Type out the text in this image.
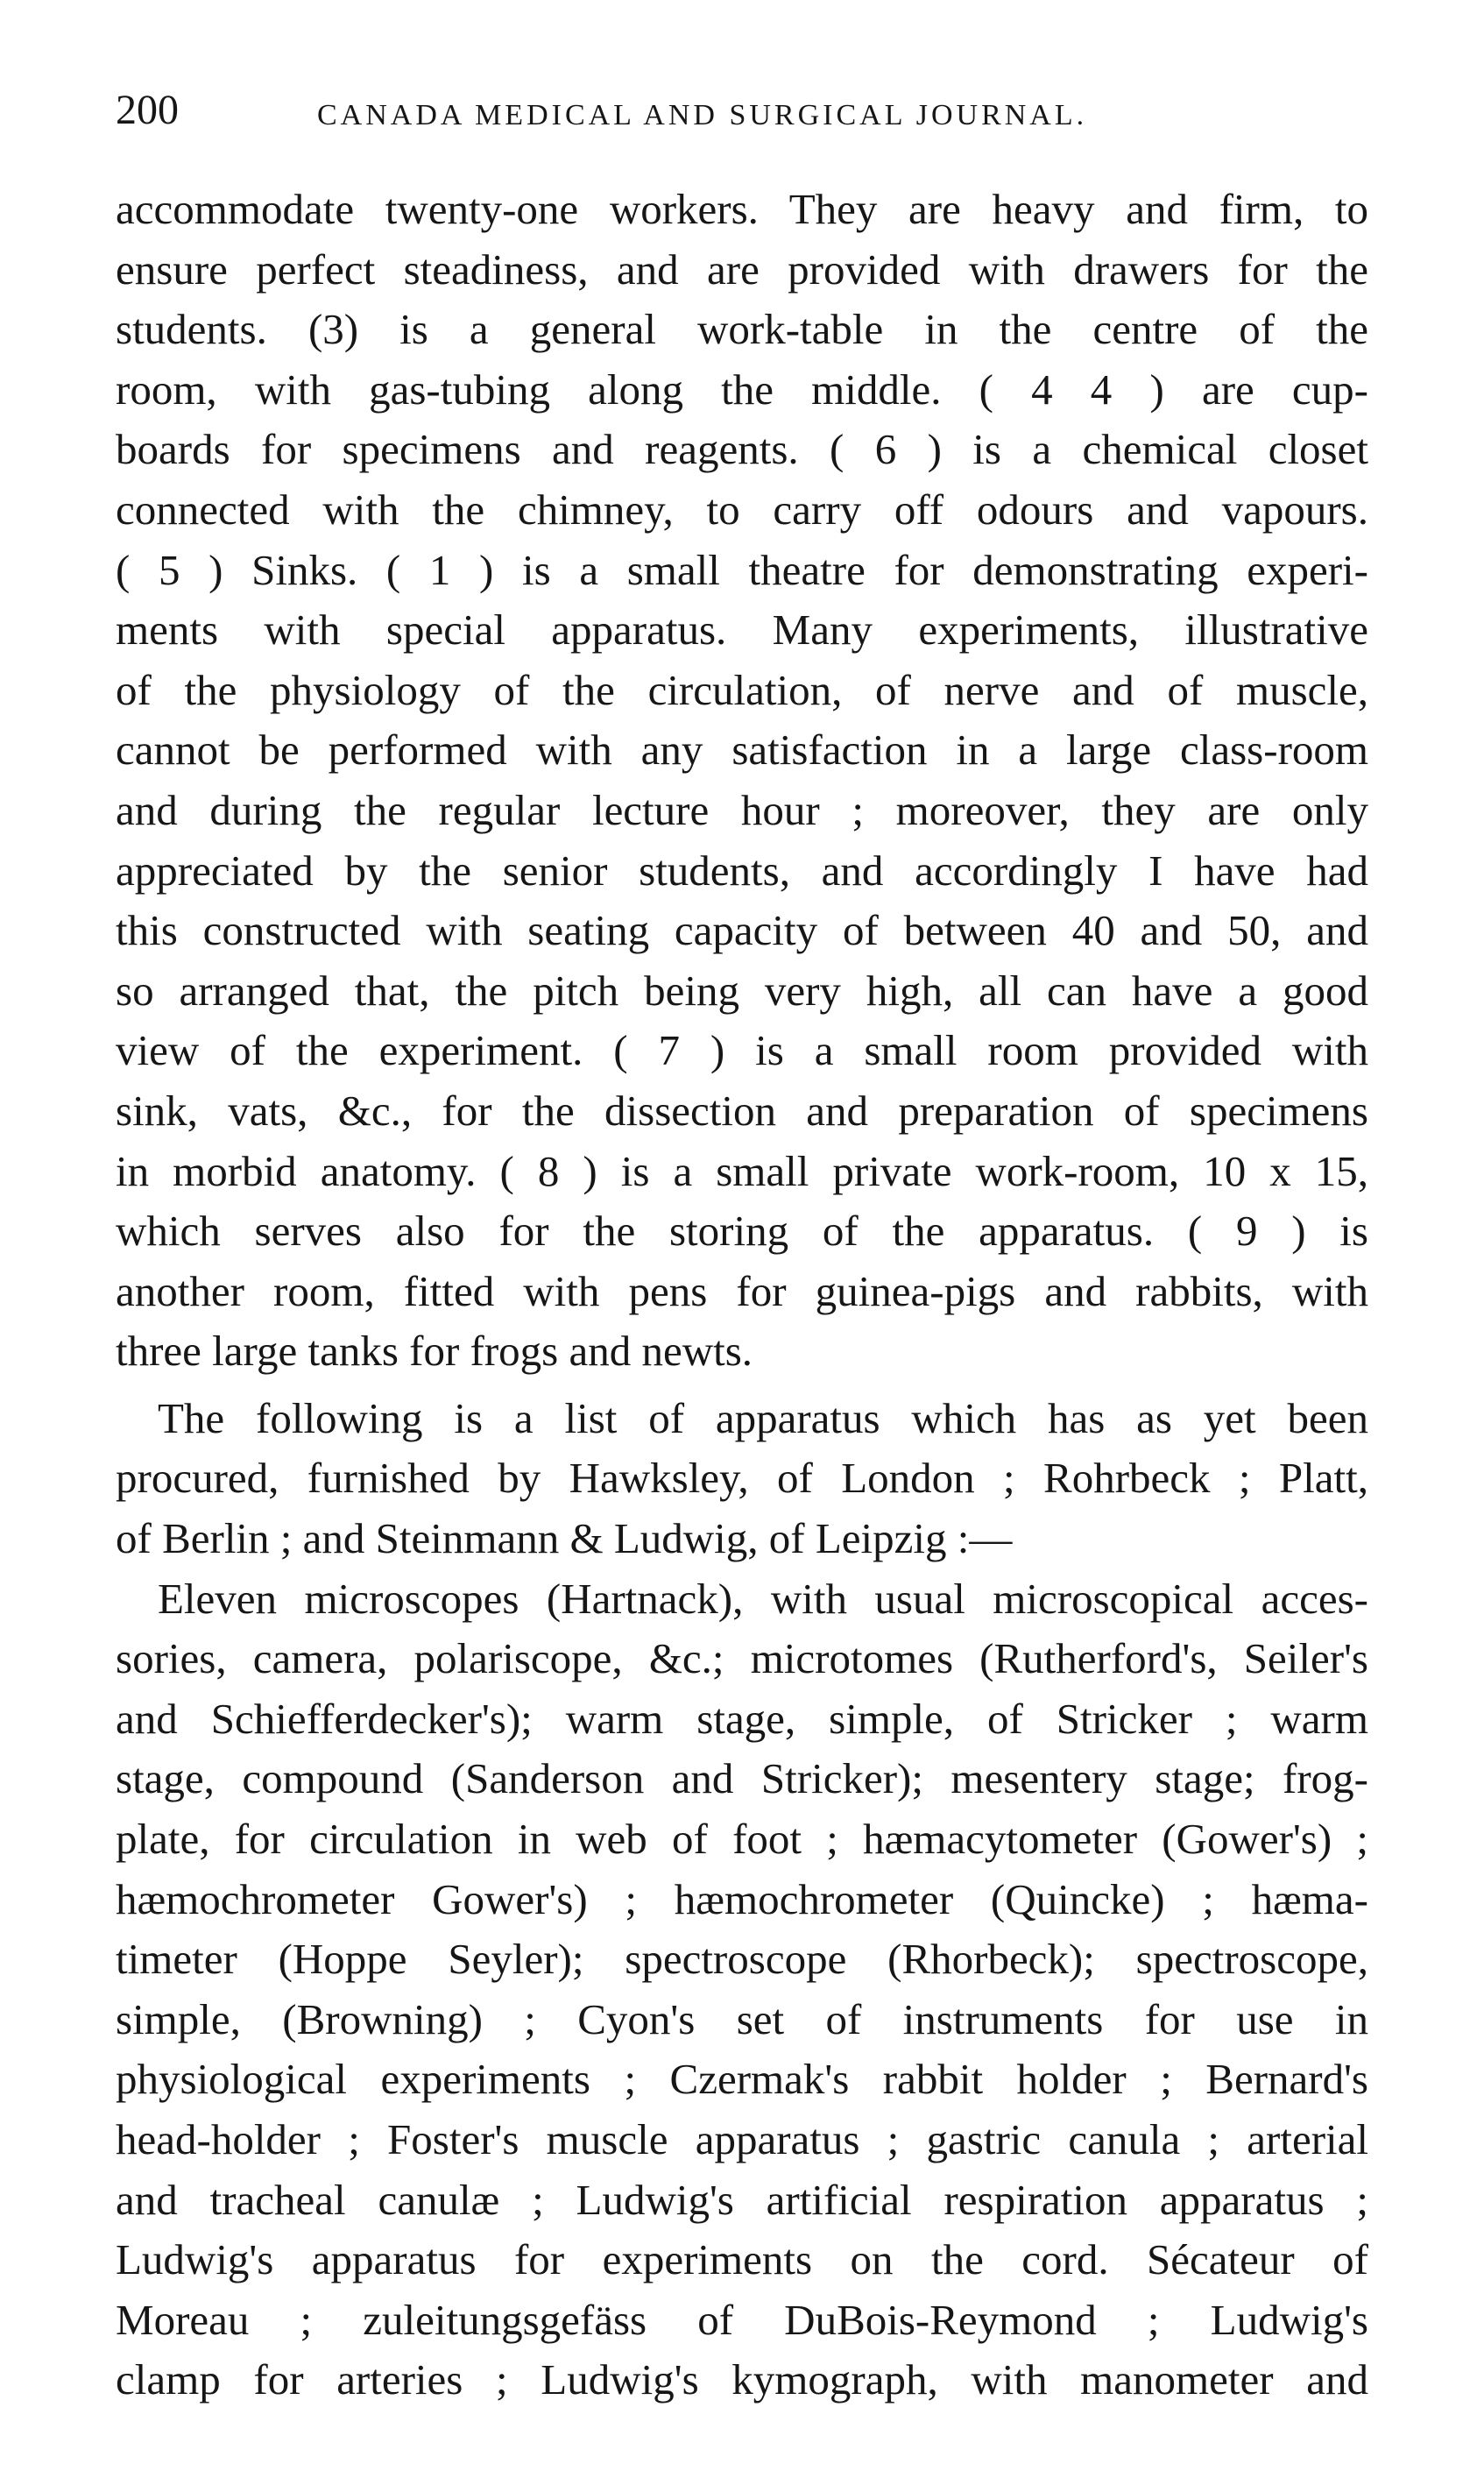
200	CANADA MEDICAL AND SURGICAL JOURNAL.
accommodate twenty-one workers. They are heavy and firm, to
ensure perfect steadiness, and are provided with drawers for the
students. (3) is a general work-table in the centre of the
room, with gas-tubing along the middle. ( 4 4 ) are cup-
boards for specimens and reagents. ( 6 ) is a chemical closet
connected with the chimney, to carry off odours and vapours.
( 5 ) Sinks. ( 1 ) is a small theatre for demonstrating experi-
ments with special apparatus. Many experiments, illustrative
of the physiology of the circulation, of nerve and of muscle,
cannot be performed with any satisfaction in a large class-room
and during the regular lecture hour ; moreover, they are only
appreciated by the senior students, and accordingly I have had
this constructed with seating capacity of between 40 and 50, and
so arranged that, the pitch being very high, all can have a good
view of the experiment. ( 7 ) is a small room provided with
sink, vats, &c., for the dissection and preparation of specimens
in morbid anatomy. ( 8 ) is a small private work-room, 10 x 15,
which serves also for the storing of the apparatus. ( 9 ) is
another room, fitted with pens for guinea-pigs and rabbits, with
three large tanks for frogs and newts.
The following is a list of apparatus which has as yet been
procured, furnished by Hawksley, of London ; Rohrbeck ; Platt,
of Berlin ; and Steinmann & Ludwig, of Leipzig :—
Eleven microscopes (Hartnack), with usual microscopical acces-
sories, camera, polariscope, &c.; microtomes (Rutherford's, Seiler's
and Schiefferdecker's); warm stage, simple, of Stricker ; warm
stage, compound (Sanderson and Stricker); mesentery stage; frog-
plate, for circulation in web of foot ; hæmacytometer (Gower's) ;
hæmochrometer Gower's) ; hæmochrometer (Quincke) ; hæma-
timeter (Hoppe Seyler); spectroscope (Rhorbeck); spectroscope,
simple, (Browning) ; Cyon's set of instruments for use in
physiological experiments ; Czermak's rabbit holder ; Bernard's
head-holder ; Foster's muscle apparatus ; gastric canula ; arterial
and tracheal canulæ ; Ludwig's artificial respiration apparatus ;
Ludwig's apparatus for experiments on the cord. Sécateur of
Moreau ; zuleitungsgefäss of DuBois-Reymond ; Ludwig's
clamp for arteries ; Ludwig's kymograph, with manometer and
